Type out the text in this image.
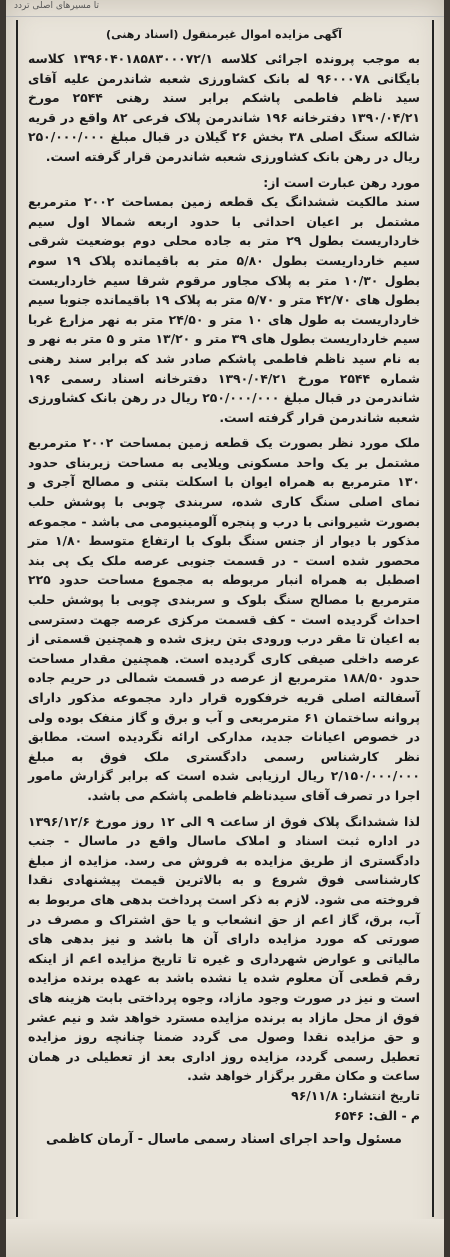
تا مسیرهای اصلی تردد
آگهی مزایده اموال غیرمنقول (اسناد رهنی)

به موجب پرونده اجرائی کلاسه ۱۳۹۶۰۴۰۱۸۵۸۳۰۰۰۷۲/۱ کلاسه بایگانی ۹۶۰۰۰۷۸ له بانک کشاورزی شعبه شاندرمن علیه آقای سید ناظم فاطمی پاشکم برابر سند رهنی ۲۵۴۴ مورخ ۱۳۹۰/۰۴/۲۱ دفترخانه ۱۹۶ شاندرمن پلاک فرعی ۸۲ واقع در قریه شالکه سنگ اصلی ۳۸ بخش ۲۶ گیلان در قبال مبلغ ۲۵۰/۰۰۰/۰۰۰ ریال در رهن بانک کشاورزی شعبه شاندرمن قرار گرفته است.

مورد رهن عبارت است از:

سند مالکیت ششدانگ یک قطعه زمین بمساحت ۲۰۰۲ مترمربع مشتمل بر اعیان احداثی با حدود اربعه شمالا اول سیم خارداریست بطول ۲۹ متر به جاده محلی دوم بوضعیت شرقی سیم خارداریست بطول ۵/۸۰ متر به باقیمانده پلاک ۱۹ سوم بطول ۱۰/۳۰ متر به پلاک مجاور مرقوم شرقا سیم خارداریست بطول های ۴۲/۷۰ متر و ۵/۷۰ متر به پلاک ۱۹ باقیمانده جنوبا سیم خارداریست به طول های ۱۰ متر و ۲۴/۵۰ متر به نهر مزارع غربا سیم خارداریست بطول های ۳۹ متر و ۱۳/۲۰ متر و ۵ متر به نهر و به نام سید ناظم فاطمی پاشکم صادر شد که برابر سند رهنی شماره ۲۵۴۴ مورخ ۱۳۹۰/۰۴/۲۱ دفترخانه اسناد رسمی ۱۹۶ شاندرمن در قبال مبلغ ۲۵۰/۰۰۰/۰۰۰ ریال در رهن بانک کشاورزی شعبه شاندرمن قرار گرفته است.

ملک مورد نظر بصورت یک قطعه زمین بمساحت ۲۰۰۲ مترمربع مشتمل بر یک واحد مسکونی ویلایی به مساحت زیربنای حدود ۱۳۰ مترمربع به همراه ایوان با اسکلت بتنی و مصالح آجری و نمای اصلی سنگ کاری شده، سربندی چوبی با پوشش حلب بصورت شیروانی با درب و پنجره آلومینیومی می باشد - مجموعه مذکور با دیوار از جنس سنگ بلوک با ارتفاع متوسط ۱/۸۰ متر محصور شده است - در قسمت جنوبی عرصه ملک یک پی بند اصطبل به همراه انبار مربوطه به مجموع مساحت حدود ۲۲۵ مترمربع با مصالح سنگ بلوک و سربندی چوبی با پوشش حلب احداث گردیده است - کف قسمت مرکزی عرصه جهت دسترسی به اعیان تا مقر درب ورودی بتن ریزی شده و همچنین قسمتی از عرصه داخلی صیفی کاری گردیده است. همچنین مقدار مساحت حدود ۱۸۸/۵۰ مترمربع از عرصه در قسمت شمالی در حریم جاده آسفالته اصلی قریه خرفکوره قرار دارد مجموعه مذکور دارای پروانه ساختمان ۶۱ مترمربعی و آب و برق و گاز منفک بوده ولی در خصوص اعیانات جدید، مدارکی ارائه نگردیده است. مطابق نظر کارشناس رسمی دادگستری ملک فوق به مبلغ ۲/۱۵۰/۰۰۰/۰۰۰ ریال ارزیابی شده است که برابر گزارش مامور اجرا در تصرف آقای سیدناظم فاطمی پاشکم می باشد.

لذا ششدانگ پلاک فوق از ساعت ۹ الی ۱۲ روز مورخ ۱۳۹۶/۱۲/۶ در اداره ثبت اسناد و املاک ماسال واقع در ماسال - جنب دادگستری از طریق مزایده به فروش می رسد. مزایده از مبلغ کارشناسی فوق شروع و به بالاترین قیمت پیشنهادی نقدا فروخته می شود. لازم به ذکر است پرداخت بدهی های مربوط به آب، برق، گاز اعم از حق انشعاب و یا حق اشتراک و مصرف در صورتی که مورد مزایده دارای آن ها باشد و نیز بدهی های مالیاتی و عوارض شهرداری و غیره تا تاریخ مزایده اعم از اینکه رقم قطعی آن معلوم شده یا نشده باشد به عهده برنده مزایده است و نیز در صورت وجود مازاد، وجوه پرداختی بابت هزینه های فوق از محل مازاد به برنده مزایده مسترد خواهد شد و نیم عشر و حق مزایده نقدا وصول می گردد ضمنا چنانچه روز مزایده تعطیل رسمی گردد، مزایده روز اداری بعد از تعطیلی در همان ساعت و مکان مقرر برگزار خواهد شد.

تاریخ انتشار: ۹۶/۱۱/۸

م - الف: ۶۵۴۶

مسئول واحد اجرای اسناد رسمی ماسال - آرمان کاظمی
